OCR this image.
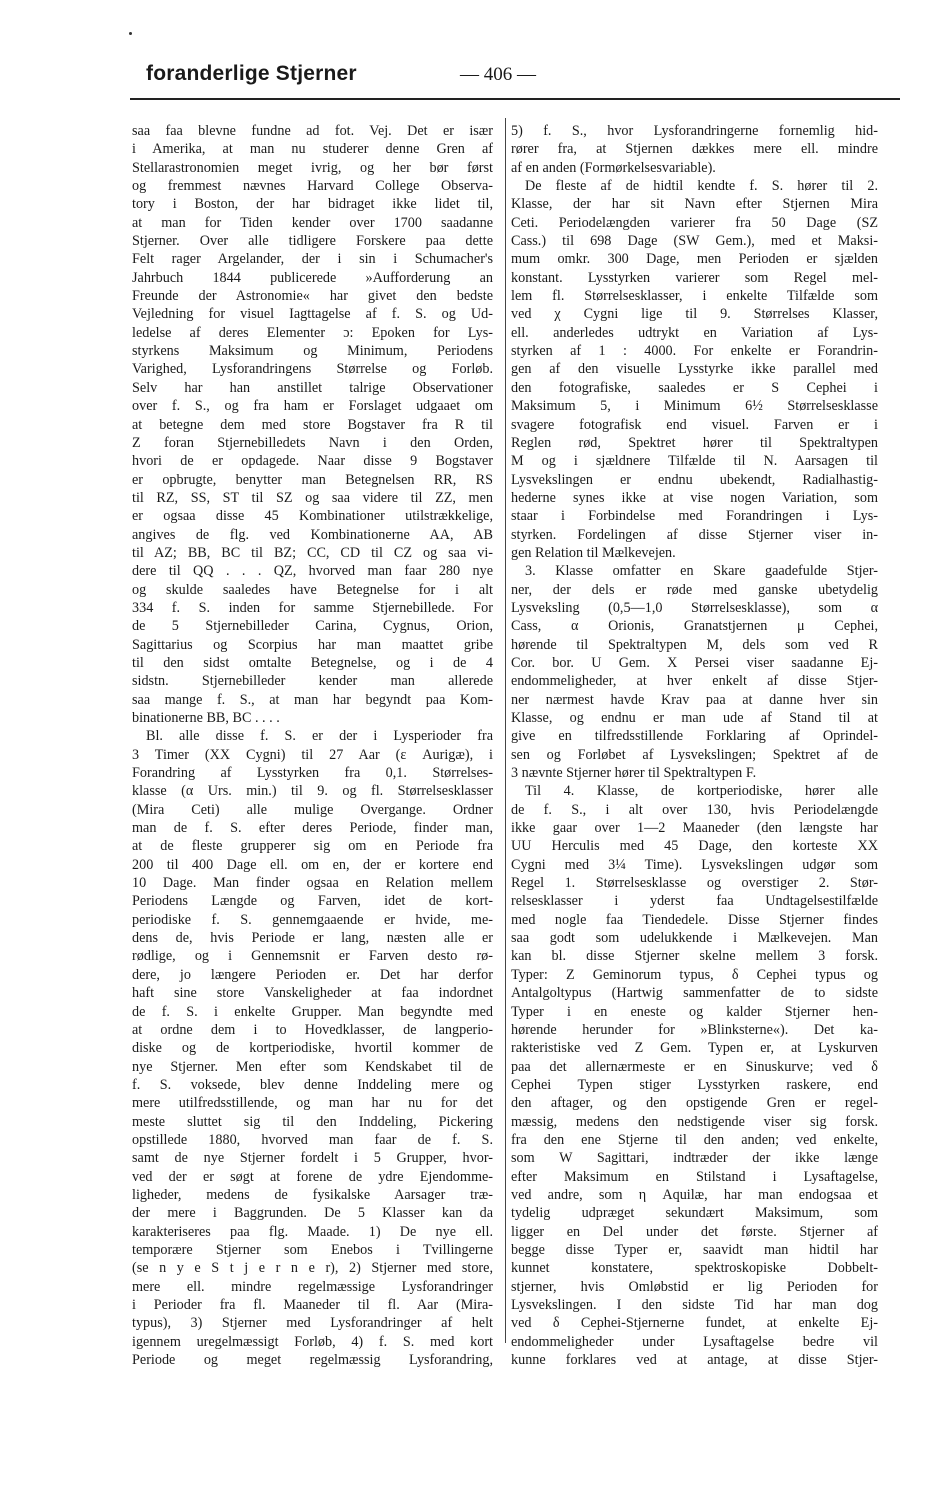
foranderlige Stjerner	— 406 —
saa faa blevne fundne ad fot. Vej. Det er især
i Amerika, at man nu studerer denne Gren af
Stellarastronomien meget ivrig, og her bør først
og fremmest nævnes Harvard College Observa-
tory i Boston, der har bidraget ikke lidet til,
at man for Tiden kender over 1700 saadanne
Stjerner. Over alle tidligere Forskere paa dette
Felt rager Argelander, der i sin i Schumacher's
Jahrbuch 1844 publicerede »Aufforderung an
Freunde der Astronomie« har givet den bedste
Vejledning for visuel Iagttagelse af f. S. og Ud-
ledelse af deres Elementer ɔ: Epoken for Lys-
styrkens Maksimum og Minimum, Periodens
Varighed, Lysforandringens Størrelse og Forløb.
Selv har han anstillet talrige Observationer
over f. S., og fra ham er Forslaget udgaaet om
at betegne dem med store Bogstaver fra R til
Z foran Stjernebilledets Navn i den Orden,
hvori de er opdagede. Naar disse 9 Bogstaver
er opbrugte, benytter man Betegnelsen RR, RS
til RZ, SS, ST til SZ og saa videre til ZZ, men
er ogsaa disse 45 Kombinationer utilstrækkelige,
angives de flg. ved Kombinationerne AA, AB
til AZ; BB, BC til BZ; CC, CD til CZ og saa vi-
dere til QQ . . . QZ, hvorved man faar 280 nye
og skulde saaledes have Betegnelse for i alt
334 f. S. inden for samme Stjernebillede. For
de 5 Stjernebilleder Carina, Cygnus, Orion,
Sagittarius og Scorpius har man maattet gribe
til den sidst omtalte Betegnelse, og i de 4
sidstn. Stjernebilleder kender man allerede
saa mange f. S., at man har begyndt paa Kom-
binationerne BB, BC . . . .
Bl. alle disse f. S. er der i Lysperioder fra
3 Timer (XX Cygni) til 27 Aar (ε Aurigæ), i
Forandring af Lysstyrken fra 0,1. Størrelses-
klasse (α Urs. min.) til 9. og fl. Størrelsesklasser
(Mira Ceti) alle mulige Overgange. Ordner
man de f. S. efter deres Periode, finder man,
at de fleste grupperer sig om en Periode fra
200 til 400 Dage ell. om en, der er kortere end
10 Dage. Man finder ogsaa en Relation mellem
Periodens Længde og Farven, idet de kort-
periodiske f. S. gennemgaaende er hvide, me-
dens de, hvis Periode er lang, næsten alle er
rødlige, og i Gennemsnit er Farven desto rø-
dere, jo længere Perioden er. Det har derfor
haft sine store Vanskeligheder at faa indordnet
de f. S. i enkelte Grupper. Man begyndte med
at ordne dem i to Hovedklasser, de langperio-
diske og de kortperiodiske, hvortil kommer de
nye Stjerner. Men efter som Kendskabet til de
f. S. voksede, blev denne Inddeling mere og
mere utilfredsstillende, og man har nu for det
meste sluttet sig til den Inddeling, Pickering
opstillede 1880, hvorved man faar de f. S.
samt de nye Stjerner fordelt i 5 Grupper, hvor-
ved der er søgt at forene de ydre Ejendomme-
ligheder, medens de fysikalske Aarsager træ-
der mere i Baggrunden. De 5 Klasser kan da
karakteriseres paa flg. Maade. 1) De nye ell.
temporære Stjerner som Enebos i Tvillingerne
(se n y e S t j e r n e r), 2) Stjerner med store,
mere ell. mindre regelmæssige Lysforandringer
i Perioder fra fl. Maaneder til fl. Aar (Mira-
typus), 3) Stjerner med Lysforandringer af helt
igennem uregelmæssigt Forløb, 4) f. S. med kort
Periode og meget regelmæssig Lysforandring,
5) f. S., hvor Lysforandringerne fornemlig hid-
rører fra, at Stjernen dækkes mere ell. mindre
af en anden (Formørkelsesvariable).
De fleste af de hidtil kendte f. S. hører til 2.
Klasse, der har sit Navn efter Stjernen Mira
Ceti. Periodelængden varierer fra 50 Dage (SZ
Cass.) til 698 Dage (SW Gem.), med et Maksi-
mum omkr. 300 Dage, men Perioden er sjælden
konstant. Lysstyrken varierer som Regel mel-
lem fl. Størrelsesklasser, i enkelte Tilfælde som
ved χ Cygni lige til 9. Størrelses Klasser,
ell. anderledes udtrykt en Variation af Lys-
styrken af 1 : 4000. For enkelte er Forandrin-
gen af den visuelle Lysstyrke ikke parallel med
den fotografiske, saaledes er S Cephei i
Maksimum 5, i Minimum 6½ Størrelsesklasse
svagere fotografisk end visuel. Farven er i
Reglen rød, Spektret hører til Spektraltypen
M og i sjældnere Tilfælde til N. Aarsagen til
Lysvekslingen er endnu ubekendt, Radialhastig-
hederne synes ikke at vise nogen Variation, som
staar i Forbindelse med Forandringen i Lys-
styrken. Fordelingen af disse Stjerner viser in-
gen Relation til Mælkevejen.
3. Klasse omfatter en Skare gaadefulde Stjer-
ner, der dels er røde med ganske ubetydelig
Lysveksling (0,5—1,0 Størrelsesklasse), som α
Cass, α Orionis, Granatstjernen μ Cephei,
hørende til Spektraltypen M, dels som ved R
Cor. bor. U Gem. X Persei viser saadanne Ej-
endommeligheder, at hver enkelt af disse Stjer-
ner nærmest havde Krav paa at danne hver sin
Klasse, og endnu er man ude af Stand til at
give en tilfredsstillende Forklaring af Oprindel-
sen og Forløbet af Lysvekslingen; Spektret af de
3 nævnte Stjerner hører til Spektraltypen F.
Til 4. Klasse, de kortperiodiske, hører alle
de f. S., i alt over 130, hvis Periodelængde
ikke gaar over 1—2 Maaneder (den længste har
UU Herculis med 45 Dage, den korteste XX
Cygni med 3¼ Time). Lysvekslingen udgør som
Regel 1. Størrelsesklasse og overstiger 2. Stør-
relsesklasser i yderst faa Undtagelsestilfælde
med nogle faa Tiendedele. Disse Stjerner findes
saa godt som udelukkende i Mælkevejen. Man
kan bl. disse Stjerner skelne mellem 3 forsk.
Typer: Z Geminorum typus, δ Cephei typus og
Antalgoltypus (Hartwig sammenfatter de to sidste
Typer i en eneste og kalder Stjerner hen-
hørende herunder for »Blinksterne«). Det ka-
rakteristiske ved Z Gem. Typen er, at Lyskurven
paa det allernærmeste er en Sinuskurve; ved δ
Cephei Typen stiger Lysstyrken raskere, end
den aftager, og den opstigende Gren er regel-
mæssig, medens den nedstigende viser sig forsk.
fra den ene Stjerne til den anden; ved enkelte,
som W Sagittari, indtræder der ikke længe
efter Maksimum en Stilstand i Lysaftagelse,
ved andre, som η Aquilæ, har man endogsaa et
tydelig udpræget sekundært Maksimum, som
ligger en Del under det første. Stjerner af
begge disse Typer er, saavidt man hidtil har
kunnet konstatere, spektroskopiske Dobbelt-
stjerner, hvis Omløbstid er lig Perioden for
Lysvekslingen. I den sidste Tid har man dog
ved δ Cephei-Stjernerne fundet, at enkelte Ej-
endommeligheder under Lysaftagelse bedre vil
kunne forklares ved at antage, at disse Stjer-
